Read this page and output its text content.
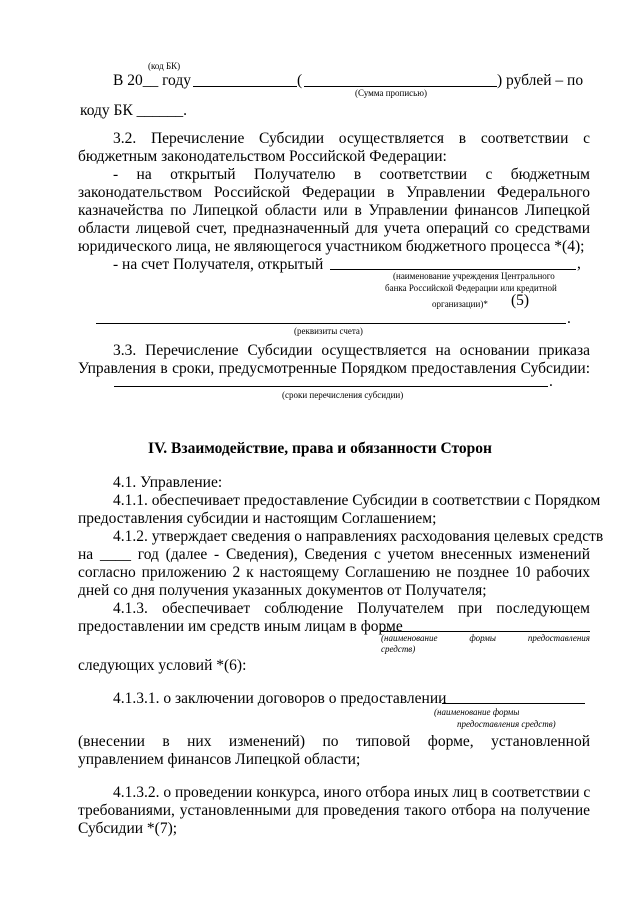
(код БК)
В 20__ году	(	) рублей – по
(Сумма прописью)
коду БК ______.
3.2. Перечисление Субсидии осуществляется в соответствии с
бюджетным законодательством Российской Федерации:
- на открытый Получателю в соответствии с бюджетным
законодательством Российской Федерации в Управлении Федерального
казначейства по Липецкой области или в Управлении финансов Липецкой
области лицевой счет, предназначенный для учета операций со средствами
юридического лица, не являющегося участником бюджетного процесса *(4);
- на счет Получателя, открытый	,
(наименование учреждения Центрального
банка Российской Федерации или кредитной
организации)* (5)
.
(реквизиты счета)
3.3. Перечисление Субсидии осуществляется на основании приказа
Управления в сроки, предусмотренные Порядком предоставления Субсидии:
.
(сроки перечисления субсидии)
IV. Взаимодействие, права и обязанности Сторон
4.1. Управление:
4.1.1. обеспечивает предоставление Субсидии в соответствии с Порядком
предоставления субсидии и настоящим Соглашением;
4.1.2. утверждает сведения о направлениях расходования целевых средств
на ____ год (далее - Сведения), Сведения с учетом внесенных изменений
согласно приложению 2 к настоящему Соглашению не позднее 10 рабочих
дней со дня получения указанных документов от Получателя;
4.1.3. обеспечивает соблюдение Получателем при последующем
предоставлении им средств иным лицам в форме
(наименование формы предоставления
средств)
следующих условий *(6):
4.1.3.1. о заключении договоров о предоставлении
(наименование формы
предоставления средств)
(внесении в них изменений) по типовой форме, установленной
управлением финансов Липецкой области;
4.1.3.2. о проведении конкурса, иного отбора иных лиц в соответствии с
требованиями, установленными для проведения такого отбора на получение
Субсидии *(7);
